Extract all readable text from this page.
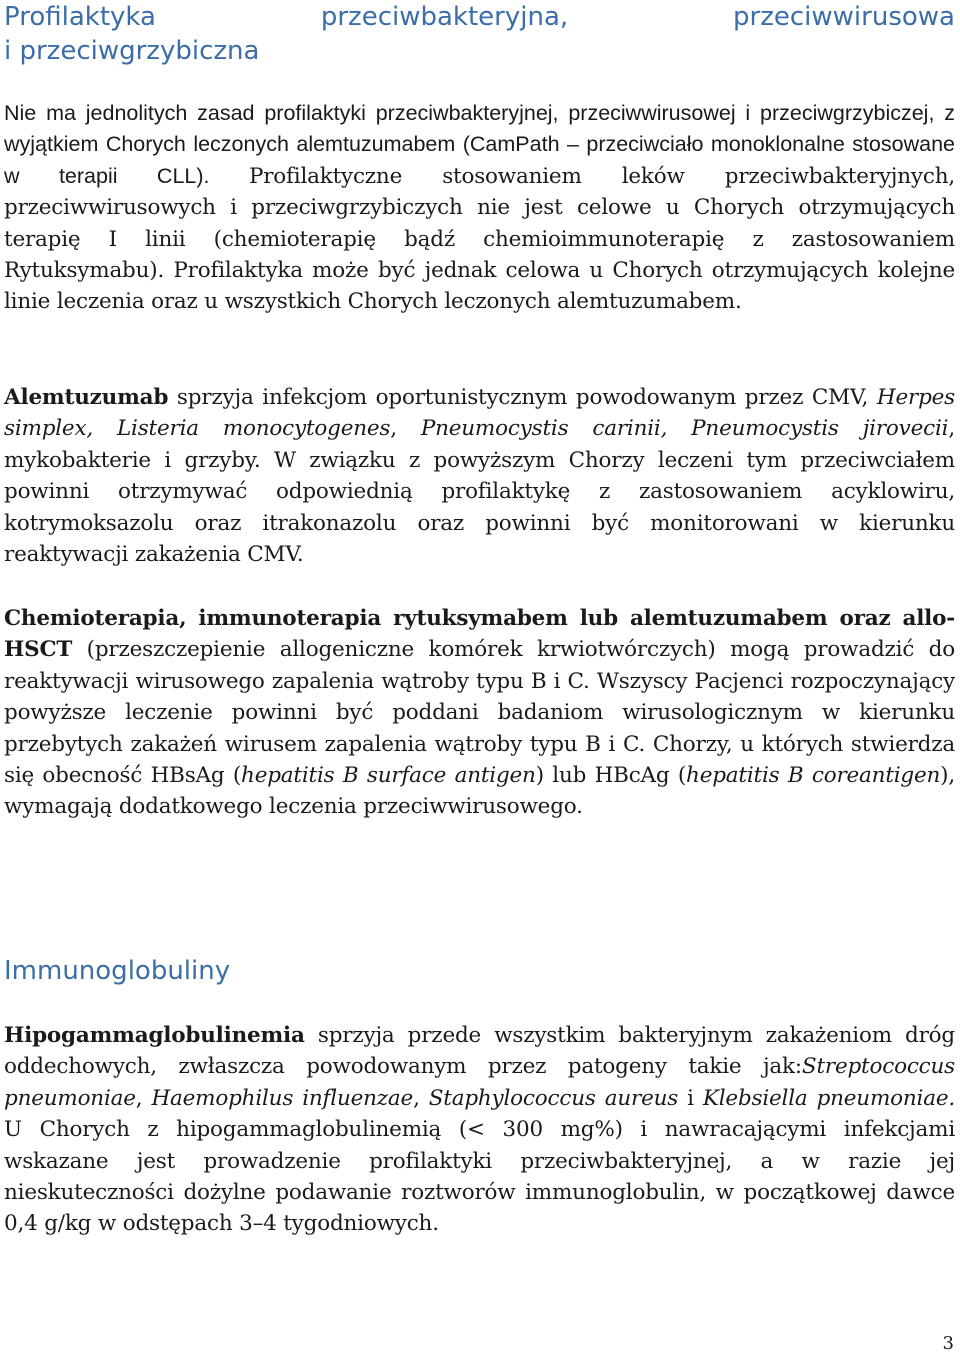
Profilaktyka	przeciwbakteryjna,	przeciwwirusowa
i przeciwgrzybiczna

Nie ma jednolitych zasad profilaktyki przeciwbakteryjnej, przeciwwirusowej i przeciwgrzybiczej, z wyjątkiem Chorych leczonych alemtuzumabem (CamPath – przeciwciało monoklonalne stosowane w terapii CLL). Profilaktyczne stosowaniem leków przeciwbakteryjnych, przeciwwirusowych i przeciwgrzybiczych nie jest celowe u Chorych otrzymujących terapię I linii (chemioterapię bądź chemioimmunoterapię z zastosowaniem Rytuksymabu). Profilaktyka może być jednak celowa u Chorych otrzymujących kolejne linie leczenia oraz u wszystkich Chorych leczonych alemtuzumabem.

Alemtuzumab sprzyja infekcjom oportunistycznym powodowanym przez CMV, Herpes simplex, Listeria monocytogenes, Pneumocystis carinii, Pneumocystis jirovecii, mykobakterie i grzyby. W związku z powyższym Chorzy leczeni tym przeciwciałem powinni otrzymywać odpowiednią profilaktykę z zastosowaniem acyklowiru, kotrymoksazolu oraz itrakonazolu oraz powinni być monitorowani w kierunku reaktywacji zakażenia CMV.

Chemioterapia, immunoterapia rytuksymabem lub alemtuzumabem oraz allo-HSCT (przeszczepienie allogeniczne komórek krwiotwórczych) mogą prowadzić do reaktywacji wirusowego zapalenia wątroby typu B i C. Wszyscy Pacjenci rozpoczynający powyższe leczenie powinni być poddani badaniom wirusologicznym w kierunku przebytych zakażeń wirusem zapalenia wątroby typu B i C. Chorzy, u których stwierdza się obecność HBsAg (hepatitis B surface antigen) lub HBcAg (hepatitis B coreantigen), wymagają dodatkowego leczenia przeciwwirusowego.

Immunoglobuliny

Hipogammaglobulinemia sprzyja przede wszystkim bakteryjnym zakażeniom dróg oddechowych, zwłaszcza powodowanym przez patogeny takie jak:Streptococcus pneumoniae, Haemophilus influenzae, Staphylococcus aureus i Klebsiella pneumoniae. U Chorych z hipogammaglobulinemią (< 300 mg%) i nawracającymi infekcjami wskazane jest prowadzenie profilaktyki przeciwbakteryjnej, a w razie jej nieskuteczności dożylne podawanie roztworów immunoglobulin, w początkowej dawce 0,4 g/kg w odstępach 3–4 tygodniowych.

3
